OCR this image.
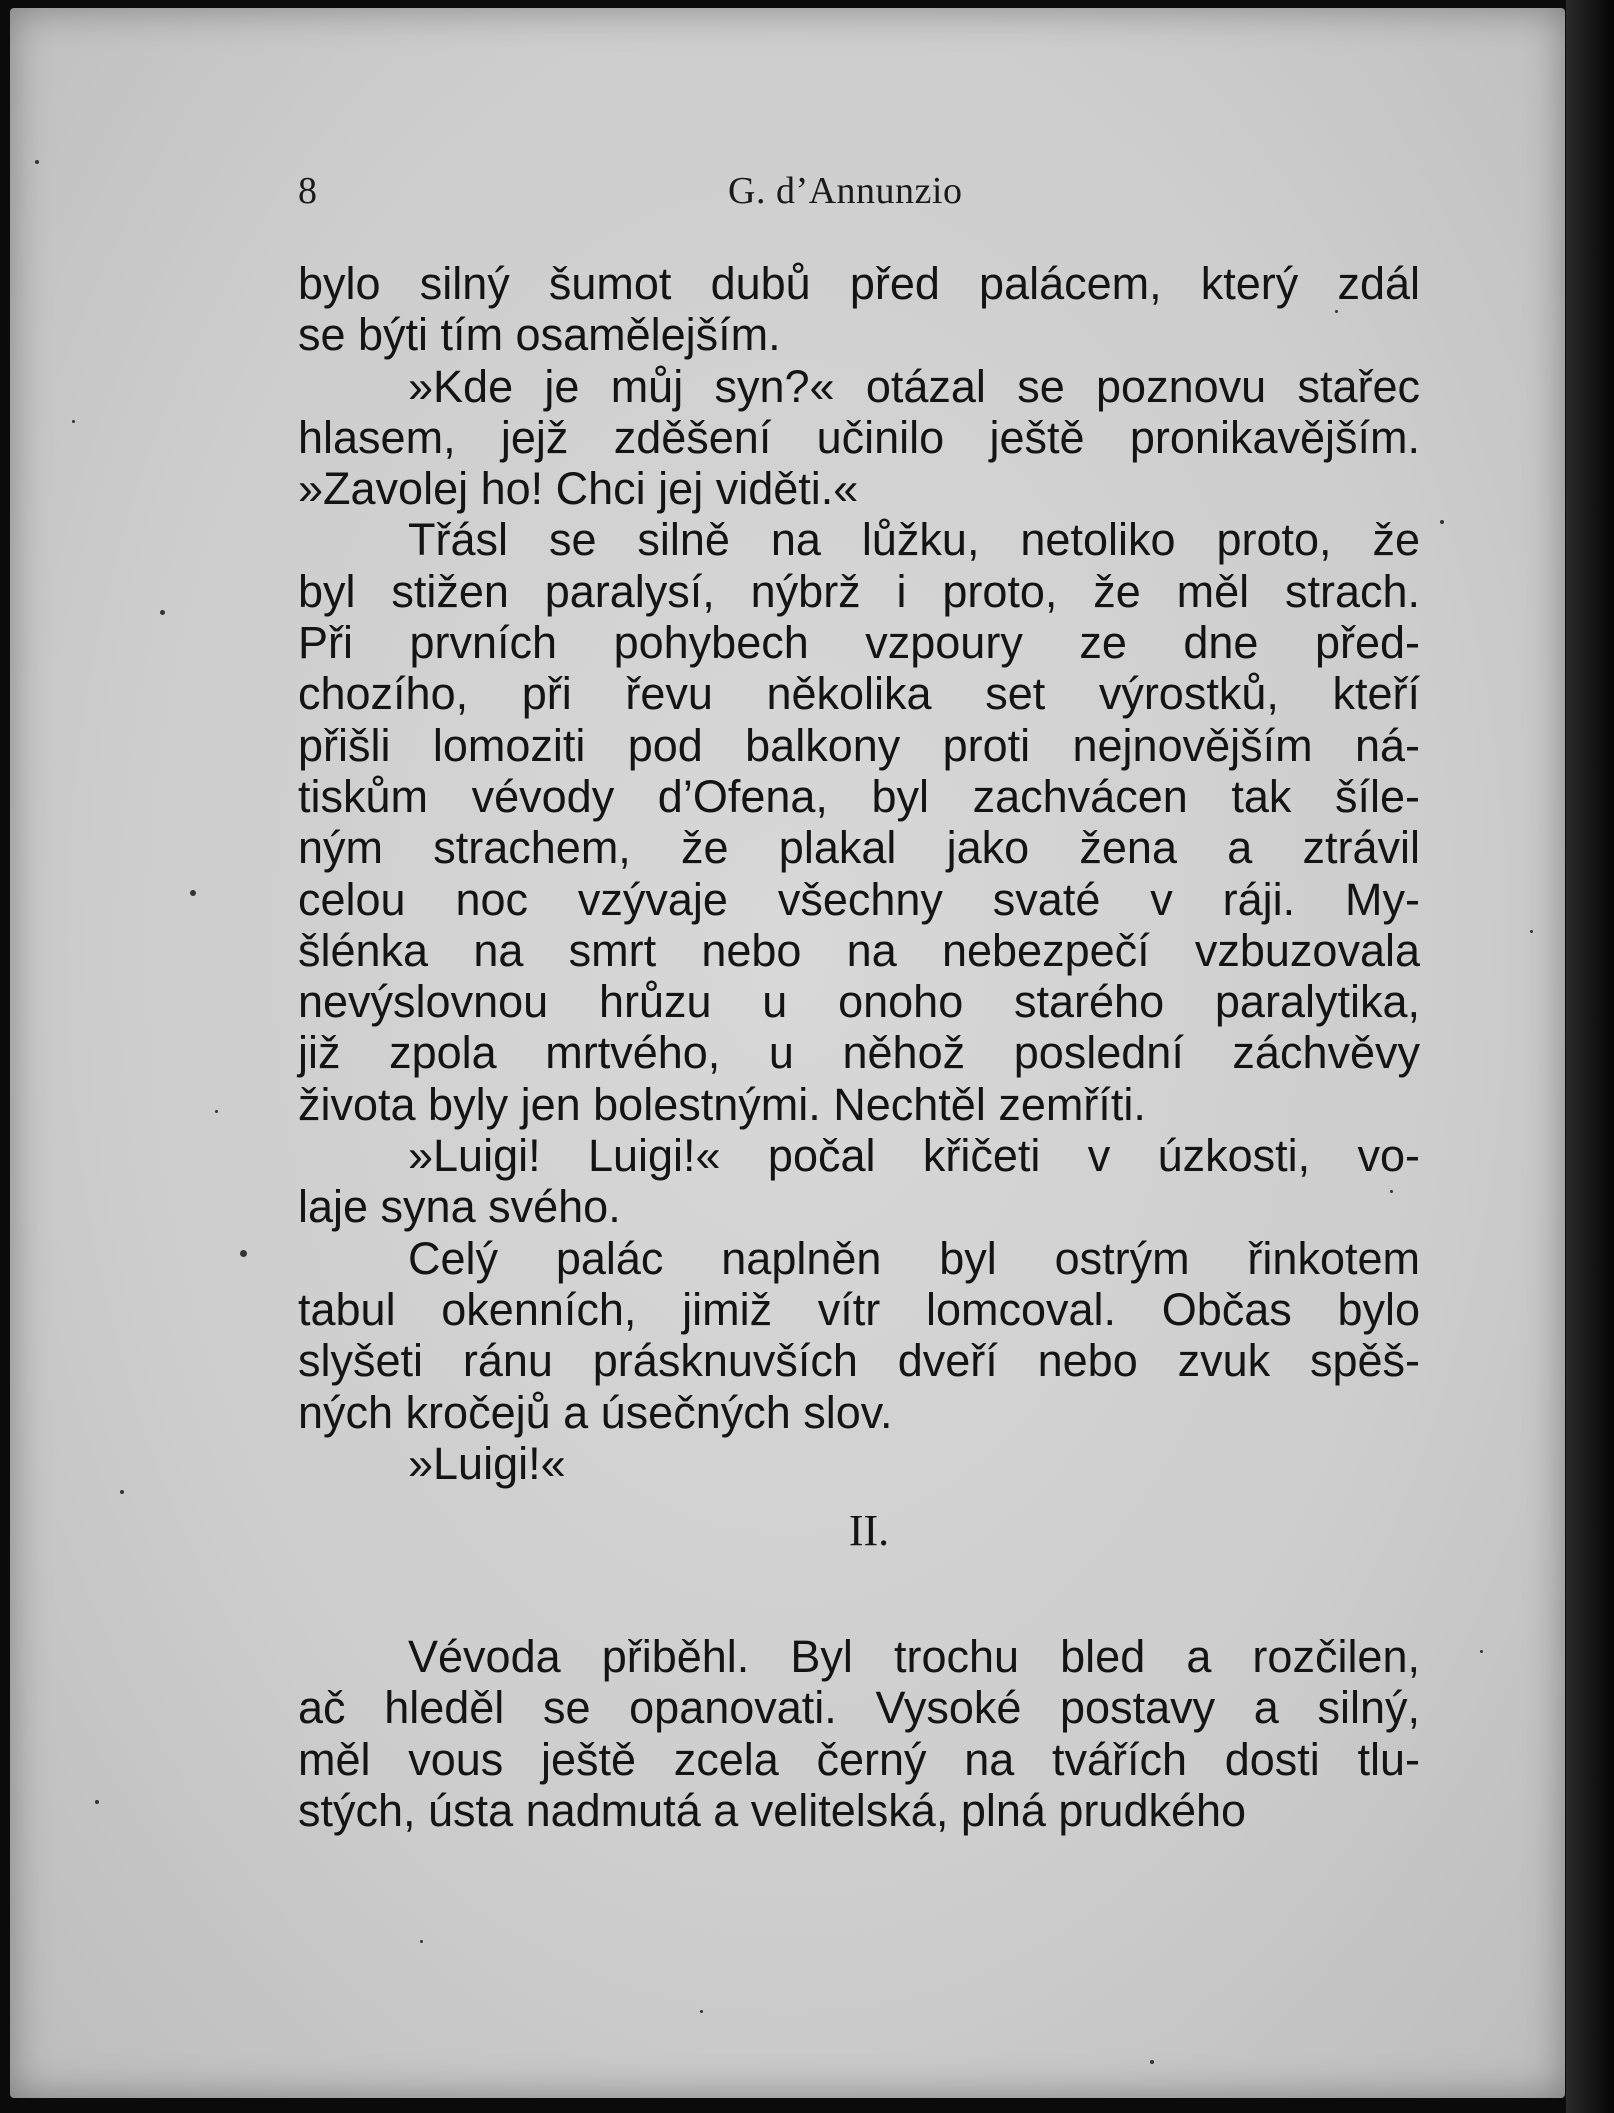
8	G. d’Annunzio
bylo silný šumot dubů před palácem, který zdál
se býti tím osamělejším.
»Kde je můj syn?« otázal se poznovu stařec
hlasem, jejž zděšení učinilo ještě pronikavějším.
»Zavolej ho! Chci jej viděti.«
Třásl se silně na lůžku, netoliko proto, že
byl stižen paralysí, nýbrž i proto, že měl strach.
Při prvních pohybech vzpoury ze dne před-
chozího, při řevu několika set výrostků, kteří
přišli lomoziti pod balkony proti nejnovějším ná-
tiskům vévody d’Ofena, byl zachvácen tak šíle-
ným strachem, že plakal jako žena a ztrávil
celou noc vzývaje všechny svaté v ráji. My-
šlénka na smrt nebo na nebezpečí vzbuzovala
nevýslovnou hrůzu u onoho starého paralytika,
již zpola mrtvého, u něhož poslední záchvěvy
života byly jen bolestnými. Nechtěl zemříti.
»Luigi! Luigi!« počal křičeti v úzkosti, vo-
laje syna svého.
Celý palác naplněn byl ostrým řinkotem
tabul okenních, jimiž vítr lomcoval. Občas bylo
slyšeti ránu prásknuvších dveří nebo zvuk spěš-
ných kročejů a úsečných slov.
»Luigi!«
II.
Vévoda přiběhl. Byl trochu bled a rozčilen,
ač hleděl se opanovati. Vysoké postavy a silný,
měl vous ještě zcela černý na tvářích dosti tlu-
stých, ústa nadmutá a velitelská, plná prudkého
